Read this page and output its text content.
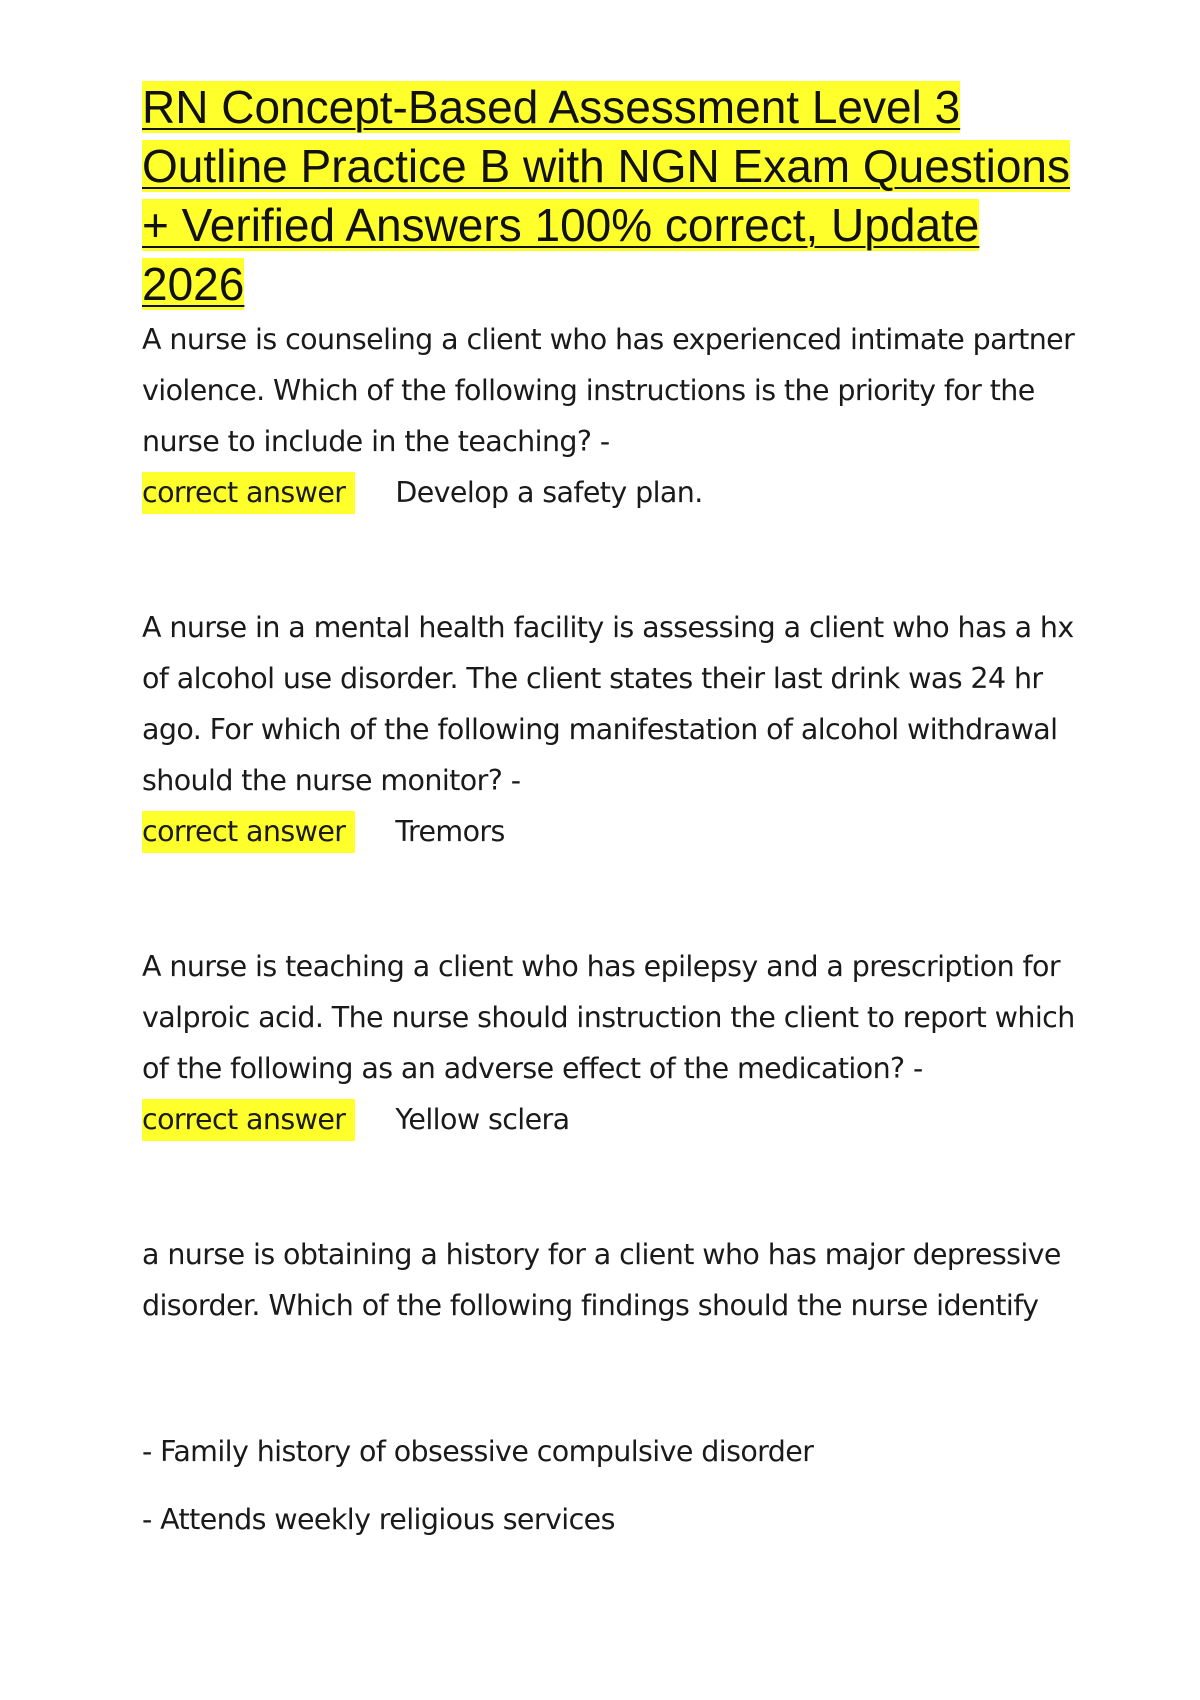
RN Concept-Based Assessment Level 3 Outline Practice B with NGN Exam Questions + Verified Answers 100% correct, Update 2026

A nurse is counseling a client who has experienced intimate partner violence. Which of the following instructions is the priority for the nurse to include in the teaching? -

correct answer Develop a safety plan.

A nurse in a mental health facility is assessing a client who has a hx of alcohol use disorder. The client states their last drink was 24 hr ago. For which of the following manifestation of alcohol withdrawal should the nurse monitor? -

correct answer Tremors

A nurse is teaching a client who has epilepsy and a prescription for valproic acid. The nurse should instruction the client to report which of the following as an adverse effect of the medication? -

correct answer Yellow sclera

a nurse is obtaining a history for a client who has major depressive disorder. Which of the following findings should the nurse identify

- Family history of obsessive compulsive disorder

- Attends weekly religious services
